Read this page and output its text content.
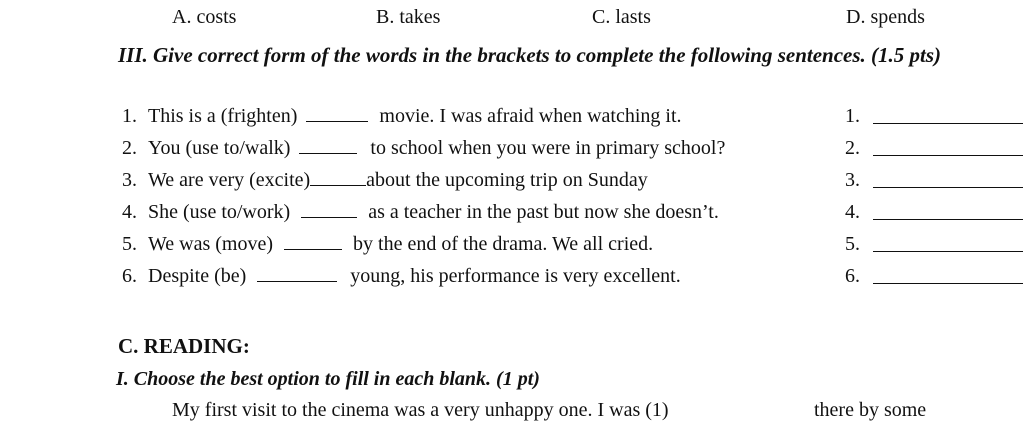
A. costs	B. takes	C. lasts	D. spends
III. Give correct form of the words in the brackets to complete the following sentences. (1.5 pts)
1. This is a (frighten)	movie. I was afraid when watching it.
2. You (use to/walk)	to school when you were in primary school?
3. We are very (excite)	about the upcoming trip on Sunday
4. She (use to/work)	as a teacher in the past but now she doesn’t.
5. We was (move)	by the end of the drama. We all cried.
6. Despite (be)	young, his performance is very excellent.
1.
2.
3.
4.
5.
6.
C. READING:
I. Choose the best option to fill in each blank. (1 pt)
My first visit to the cinema was a very unhappy one. I was (1)	there by some
